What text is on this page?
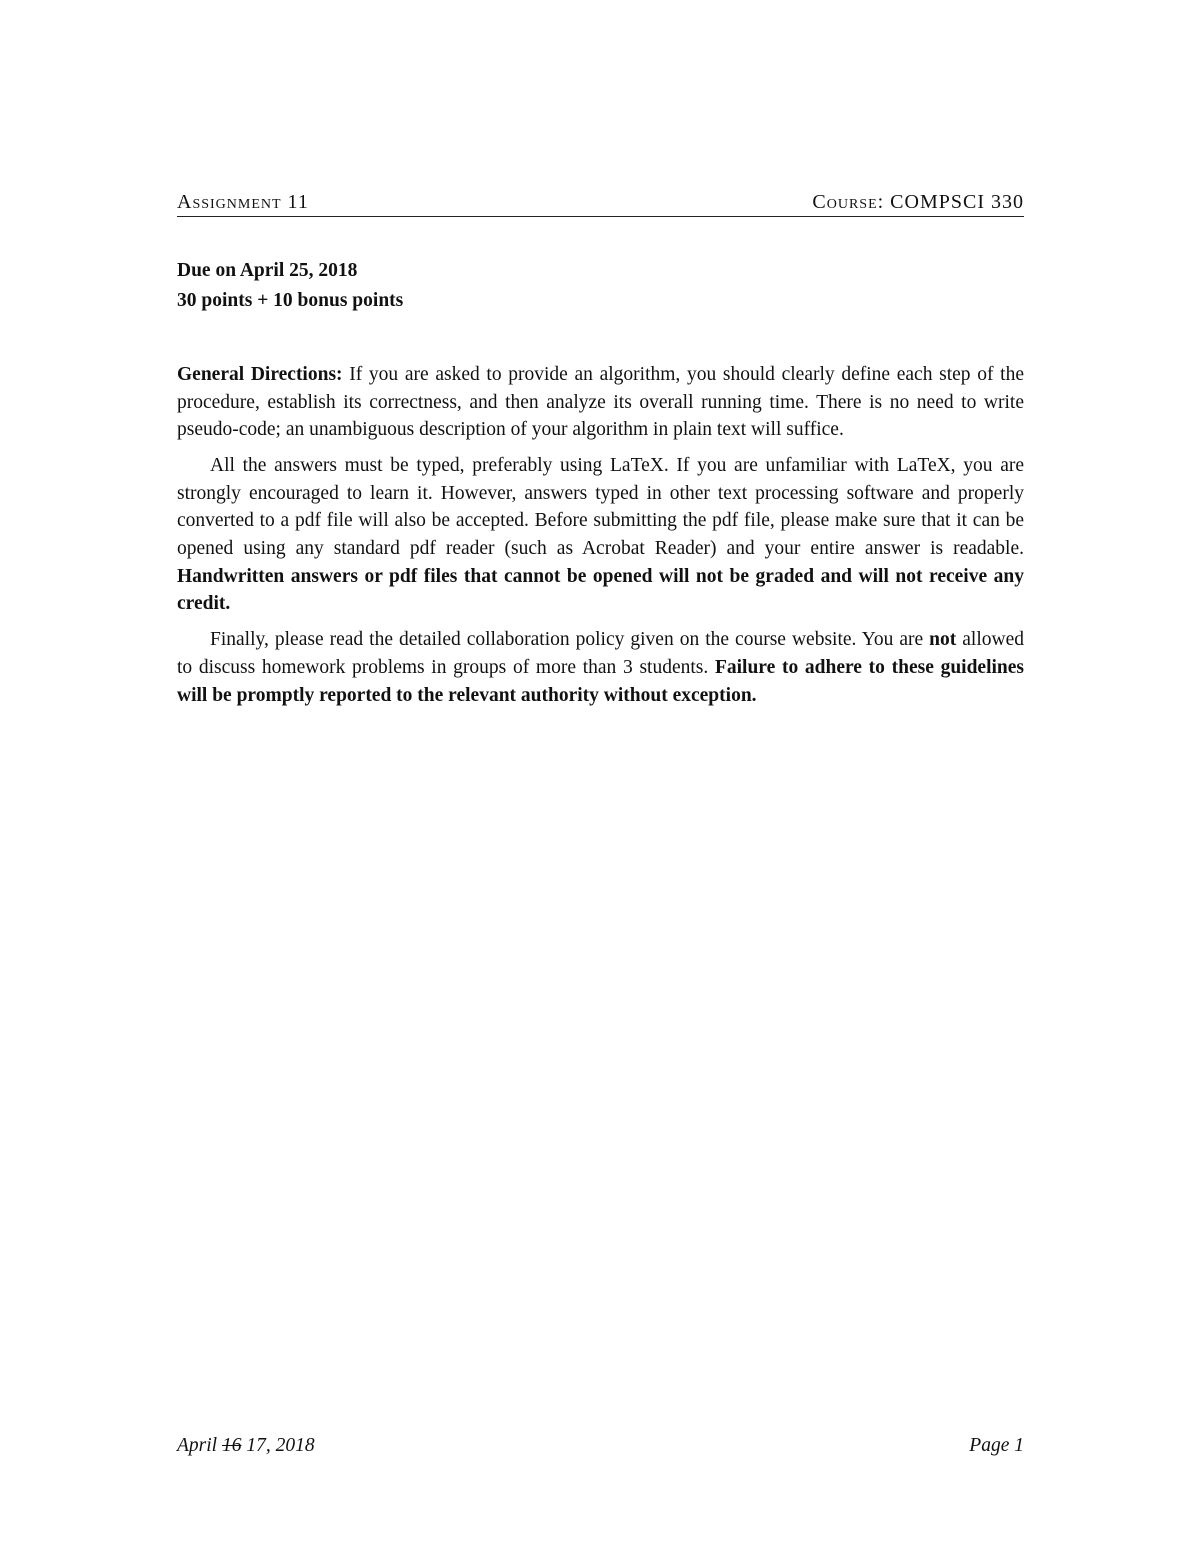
Assignment 11	Course: COMPSCI 330
Due on April 25, 2018
30 points + 10 bonus points

General Directions: If you are asked to provide an algorithm, you should clearly define each step of the procedure, establish its correctness, and then analyze its overall running time. There is no need to write pseudo-code; an unambiguous description of your algorithm in plain text will suffice.

All the answers must be typed, preferably using LaTeX. If you are unfamiliar with LaTeX, you are strongly encouraged to learn it. However, answers typed in other text processing software and properly converted to a pdf file will also be accepted. Before submitting the pdf file, please make sure that it can be opened using any standard pdf reader (such as Acrobat Reader) and your entire answer is readable. Handwritten answers or pdf files that cannot be opened will not be graded and will not receive any credit.

Finally, please read the detailed collaboration policy given on the course website. You are not allowed to discuss homework problems in groups of more than 3 students. Failure to adhere to these guidelines will be promptly reported to the relevant authority without exception.

April 16 17, 2018	Page 1
